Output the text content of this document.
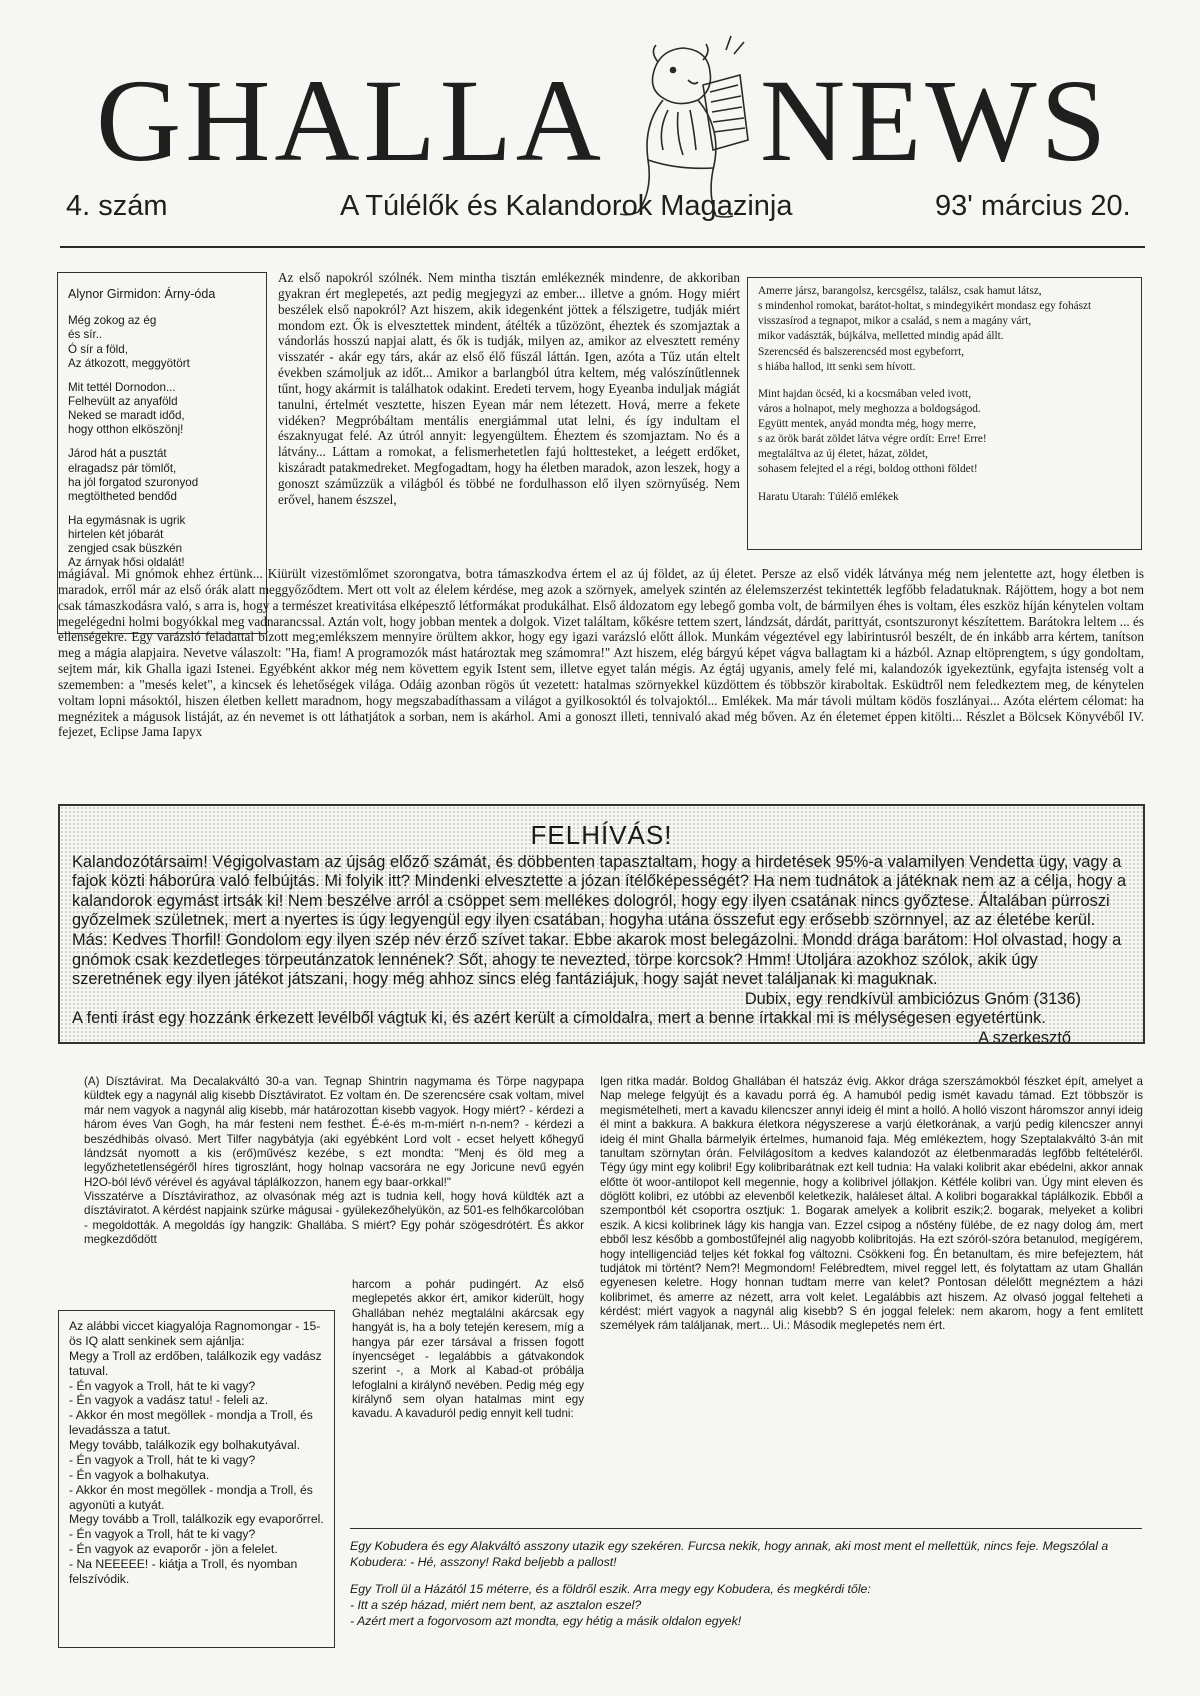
GHALLA NEWS
4. szám	A Túlélők és Kalandorok Magazinja	93' március 20.
Alynor Girmidon: Árny-óda
Még zokog az ég
és sír..
Ó sír a föld,
Az átkozott, meggyötört
Mit tettél Dornodon...
Felhevült az anyaföld
Neked se maradt időd,
hogy otthon elköszönj!
Járod hát a pusztát
elragadsz pár tömlőt,
ha jól forgatod szuronyod
megtöltheted bendőd
Ha egymásnak is ugrik
hirtelen két jóbarát
zengjed csak büszkén
Az árnyak hősi oldalát!
Az első napokról szólnék. Nem mintha tisztán emlékeznék mindenre, de akkoriban gyakran ért meglepetés, azt pedig megjegyzi az ember... illetve a gnóm. Hogy miért beszélek első napokról? Azt hiszem, akik idegenként jöttek a félszigetre, tudják miért mondom ezt. Ők is elvesztettek mindent, átélték a tűzözönt, éheztek és szomjaztak a vándorlás hosszú napjai alatt, és ők is tudják, milyen az, amikor az elvesztett remény visszatér - akár egy társ, akár az első élő fűszál láttán. Igen, azóta a Tűz után eltelt években számoljuk az időt... Amikor a barlangból útra keltem, még valószínűtlennek tűnt, hogy akármit is találhatok odakint. Eredeti tervem, hogy Eyeanba induljak mágiát tanulni, értelmét vesztette, hiszen Eyean már nem létezett. Hová, merre a fekete vidéken? Megpróbáltam mentális energiámmal utat lelni, és így indultam el északnyugat felé. Az útról annyit: legyengültem. Éheztem és szomjaztam. No és a látvány... Láttam a romokat, a felismerhetetlen fajú holttesteket, a leégett erdőket, kiszáradt patakmedreket. Megfogadtam, hogy ha életben maradok, azon leszek, hogy a gonoszt száműzzük a világból és többé ne fordulhasson elő ilyen szörnyűség. Nem erővel, hanem észszel,
Amerre jársz, barangolsz, kercsgélsz, találsz, csak hamut látsz,
s mindenhol romokat, barátot-holtat, s mindegyikért mondasz egy fohászt
visszasírod a tegnapot, mikor a család, s nem a magány várt,
mikor vadászták, bújkálva, melletted mindig apád állt.
Szerencséd és balszerencséd most egybeforrt,
s hiába hallod, itt senki sem hívott.
Mint hajdan öcséd, ki a kocsmában veled ivott,
város a holnapot, mely meghozza a boldogságod.
Együtt mentek, anyád mondta még, hogy merre,
s az örök barát zöldet látva végre ordít: Erre! Erre!
megtaláltva az új életet, házat, zöldet,
sohasem felejted el a régi, boldog otthoni földet!
Haratu Utarah: Túlélő emlékek
mágiával. Mi gnómok ehhez értünk... Kiürült vizestömlőmet szorongatva, botra támaszkodva értem el az új földet, az új életet. Persze az első vidék látványa még nem jelentette azt, hogy életben is maradok, erről már az első órák alatt meggyőződtem. Mert ott volt az élelem kérdése, meg azok a szörnyek, amelyek szintén az élelemszerzést tekintették legfőbb feladatuknak. Rájöttem, hogy a bot nem csak támaszkodásra való, s arra is, hogy a természet kreativitása elképesztő létformákat produkálhat. Első áldozatom egy lebegő gomba volt, de bármilyen éhes is voltam, éles eszköz híján kénytelen voltam megelégedni holmi bogyókkal meg vadnarancssal. Aztán volt, hogy jobban mentek a dolgok. Vizet találtam, kőkésre tettem szert, lándzsát, dárdát, parittyát, csontszuronyt készítettem. Barátokra leltem ... és ellenségekre. Egy varázsló feladattal bízott meg;emlékszem mennyire örültem akkor, hogy egy igazi varázsló előtt állok. Munkám végeztével egy labirintusról beszélt, de én inkább arra kértem, tanítson meg a mágia alapjaira. Nevetve válaszolt: "Ha, fiam! A programozók mást határoztak meg számomra!" Azt hiszem, elég bárgyú képet vágva ballagtam ki a házból. Aznap eltöprengtem, s úgy gondoltam, sejtem már, kik Ghalla igazi Istenei. Egyébként akkor még nem követtem egyik Istent sem, illetve egyet talán mégis. Az égtáj ugyanis, amely felé mi, kalandozók igyekeztünk, egyfajta istenség volt a szememben: a "mesés kelet", a kincsek és lehetőségek világa. Odáig azonban rögös út vezetett: hatalmas szörnyekkel küzdöttem és többször kiraboltak. Esküdtről nem feledkeztem meg, de kénytelen voltam lopni másoktól, hiszen életben kellett maradnom, hogy megszabadíthassam a világot a gyilkosoktól és tolvajoktól... Emlékek. Ma már távoli múltam ködös foszlányai... Azóta elértem célomat: ha megnézitek a mágusok listáját, az én nevemet is ott láthatjátok a sorban, nem is akárhol. Ami a gonoszt illeti, tennivaló akad még bőven. Az én életemet éppen kitölti... Részlet a Bölcsek Könyvéből IV. fejezet, Eclipse Jama Iapyx
FELHÍVÁS!
Kalandozótársaim! Végigolvastam az újság előző számát, és döbbenten tapasztaltam, hogy a hirdetések 95%-a valamilyen Vendetta ügy, vagy a fajok közti háborúra való felbújtás. Mi folyik itt? Mindenki elvesztette a józan ítélőképességét? Ha nem tudnátok a játéknak nem az a célja, hogy a kalandorok egymást irtsák ki! Nem beszélve arról a csöppet sem mellékes dologról, hogy egy ilyen csatának nincs győztese. Általában pürroszi győzelmek születnek, mert a nyertes is úgy legyengül egy ilyen csatában, hogyha utána összefut egy erősebb szörnnyel, az az életébe kerül. Más: Kedves Thorfil! Gondolom egy ilyen szép név érző szívet takar. Ebbe akarok most belegázolni. Mondd drága barátom: Hol olvastad, hogy a gnómok csak kezdetleges törpeutánzatok lennének? Sőt, ahogy te nevezted, törpe korcsok? Hmm! Utoljára azokhoz szólok, akik úgy szeretnének egy ilyen játékot játszani, hogy még ahhoz sincs elég fantáziájuk, hogy saját nevet találjanak ki maguknak.
Dubix, egy rendkívül ambiciózus Gnóm (3136)
A fenti írást egy hozzánk érkezett levélből vágtuk ki, és azért került a címoldalra, mert a benne írtakkal mi is mélységesen egyetértünk.
A szerkesztő

(A) Dísztávirat. Ma Decalakváltó 30-a van. Tegnap Shintrin nagymama és Törpe nagypapa küldtek egy a nagynál alig kisebb Dísztáviratot. Ez voltam én. De szerencsére csak voltam, mivel már nem vagyok a nagynál alig kisebb, már határozottan kisebb vagyok. Hogy miért? - kérdezi a három éves Van Gogh, ha már festeni nem festhet. É-é-és m-m-miért n-n-nem? - kérdezi a beszédhibás olvasó. Mert Tilfer nagybátyja (aki egyébként Lord volt - ecset helyett kőhegyű lándzsát nyomott a kis (erő)művész kezébe, s ezt mondta: "Menj és öld meg a legyőzhetetlenségéről híres tigroszlánt, hogy holnap vacsorára ne egy Joricune nevű egyén H2O-ból lévő vérével és agyával táplálkozzon, hanem egy baar-orkkal!"

Visszatérve a Dísztávirathoz, az olvasónak még azt is tudnia kell, hogy hová küldték azt a dísztáviratot. A kérdést napjaink szürke mágusai - gyülekezőhelyükön, az 501-es felhőkarcolóban - megoldották. A megoldás így hangzik: Ghallába. S miért? Egy pohár szögesdrótért. És akkor megkezdődött

harcom a pohár pudingért. Az első meglepetés akkor ért, amikor kiderült, hogy Ghallában nehéz megtalálni akárcsak egy hangyát is, ha a boly tetején keresem, míg a hangya pár ezer társával a frissen fogott ínyencséget - legalábbis a gátvakondok szerint -, a Mork al Kabad-ot próbálja lefoglalni a királynő nevében. Pedig még egy királynő sem olyan hatalmas mint egy kavadu. A kavaduról pedig ennyit kell tudni:

Igen ritka madár. Boldog Ghallában él hatszáz évig. Akkor drága szerszámokból fészket épít, amelyet a Nap melege felgyújt és a kavadu porrá ég. A hamuból pedig ismét kavadu támad. Ezt többször is megismételheti, mert a kavadu kilencszer annyi ideig él mint a holló. A holló viszont háromszor annyi ideig él mint a bakkura. A bakkura életkora négyszerese a varjú életkorának, a varjú pedig kilencszer annyi ideig él mint Ghalla bármelyik értelmes, humanoid faja. Még emlékeztem, hogy Szeptalakváltó 3-án mit tanultam szörnytan órán. Felvilágosítom a kedves kalandozót az életbenmaradás legfőbb feltételéről. Tégy úgy mint egy kolibri! Egy kolibribarátnak ezt kell tudnia: Ha valaki kolibrit akar ebédelni, akkor annak előtte öt woor-antilopot kell megennie, hogy a kolibrivel jóllakjon. Kétféle kolibri van. Úgy mint eleven és döglött kolibri, ez utóbbi az elevenből keletkezik, haláleset által. A kolibri bogarakkal táplálkozik. Ebből a szempontból két csoportra osztjuk: 1. Bogarak amelyek a kolibrit eszik;2. bogarak, melyeket a kolibri eszik. A kicsi kolibrinek lágy kis hangja van. Ezzel csipog a nőstény fülébe, de ez nagy dolog ám, mert ebből lesz később a gombostűfejnél alig nagyobb kolibritojás. Ha ezt szóról-szóra betanulod, megígérem, hogy intelligenciád teljes két fokkal fog változni. Csökkeni fog. Én betanultam, és mire befejeztem, hát tudjátok mi történt? Nem?! Megmondom! Felébredtem, mivel reggel lett, és folytattam az utam Ghallán egyenesen keletre. Hogy honnan tudtam merre van kelet? Pontosan délelőtt megnéztem a házi kolibrimet, és amerre az nézett, arra volt kelet. Legalábbis azt hiszem. Az olvasó joggal felteheti a kérdést: miért vagyok a nagynál alig kisebb? S én joggal felelek: nem akarom, hogy a fent említett személyek rám találjanak, mert... Ui.: Második meglepetés nem ért.

Az alábbi viccet kiagyalója Ragnomongar - 15-ös IQ alatt senkinek sem ajánlja:

Megy a Troll az erdőben, találkozik egy vadász tatuval.

- Én vagyok a Troll, hát te ki vagy?

- Én vagyok a vadász tatu! - feleli az.

- Akkor én most megöllek - mondja a Troll, és levadássza a tatut.

Megy tovább, találkozik egy bolhakutyával.

- Én vagyok a Troll, hát te ki vagy?

- Én vagyok a bolhakutya.

- Akkor én most megöllek - mondja a Troll, és agyonüti a kutyát.

Megy tovább a Troll, találkozik egy evaporőrrel.

- Én vagyok a Troll, hát te ki vagy?

- Én vagyok az evaporőr - jön a felelet.

- Na NEEEEE! - kiátja a Troll, és nyomban felszívódik.

Egy Kobudera és egy Alakváltó asszony utazik egy szekéren. Furcsa nekik, hogy annak, aki most ment el mellettük, nincs feje. Megszólal a Kobudera: - Hé, asszony! Rakd beljebb a pallost!

Egy Troll ül a Házától 15 méterre, és a földről eszik. Arra megy egy Kobudera, és megkérdi tőle:

- Itt a szép házad, miért nem bent, az asztalon eszel?

- Azért mert a fogorvosom azt mondta, egy hétig a másik oldalon egyek!
